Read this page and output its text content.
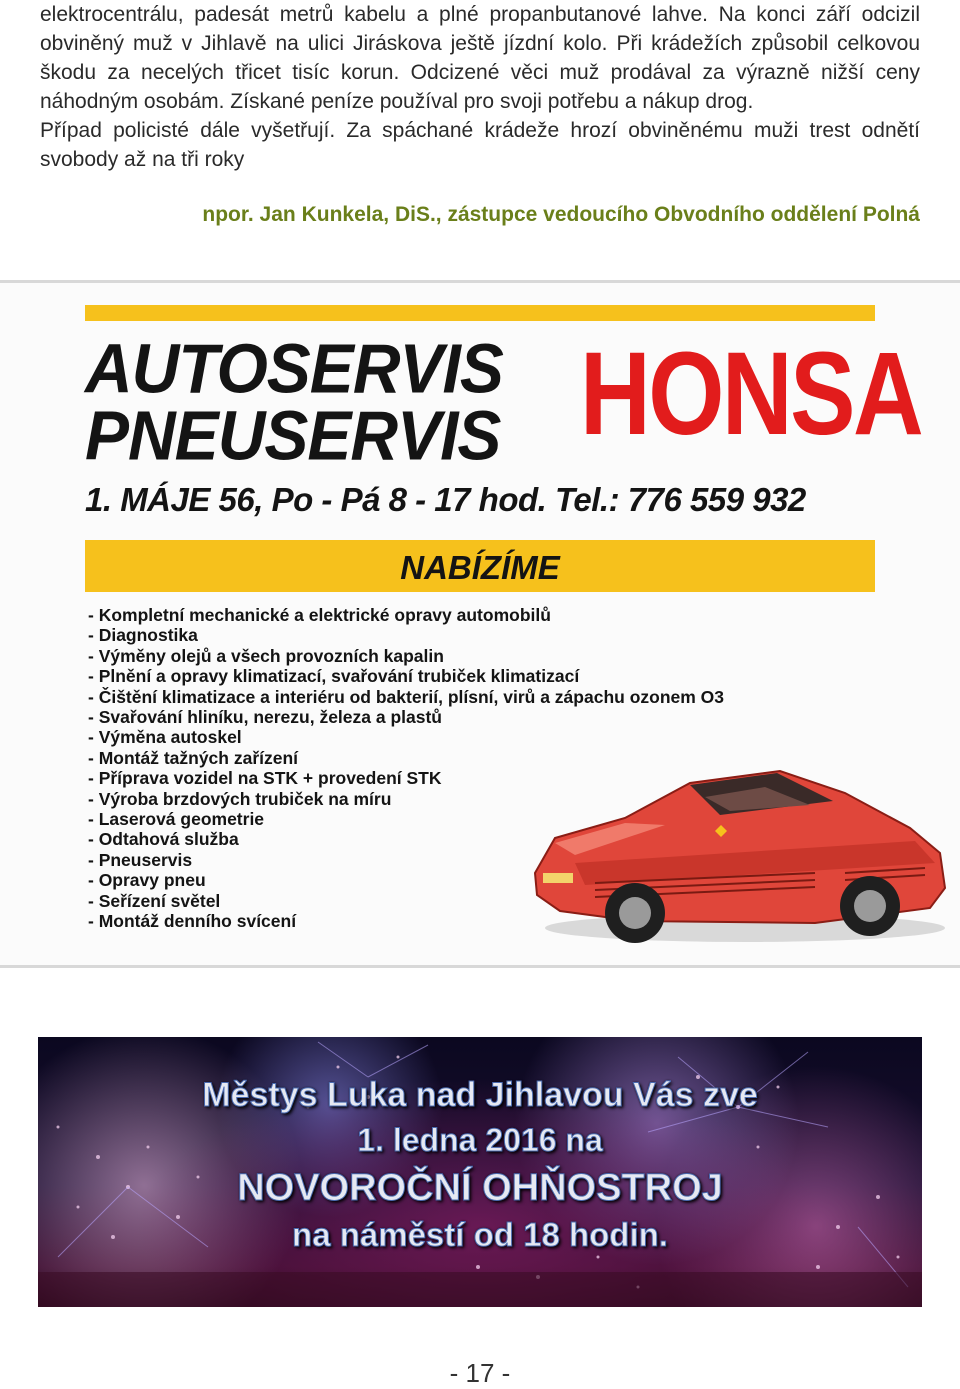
elektrocentrálu, padesát metrů kabelu a plné propanbutanové lahve. Na konci září odcizil obviněný muž v Jihlavě na ulici Jiráskova ještě jízdní kolo. Při krádežích způsobil celkovou škodu za necelých třicet tisíc korun. Odcizené věci muž prodával za výrazně nižší ceny náhodným osobám. Získané peníze používal pro svoji potřebu a nákup drog.

Případ policisté dále vyšetřují. Za spáchané krádeže hrozí obviněnému muži trest odnětí svobody až na tři roky

npor. Jan Kunkela, DiS., zástupce vedoucího Obvodního oddělení Polná
AUTOSERVIS
PNEUSERVIS HONSA
1. MÁJE 56, Po - Pá 8 - 17 hod. Tel.: 776 559 932
NABÍZÍME
- Kompletní mechanické a elektrické opravy automobilů
- Diagnostika
- Výměny olejů a všech provozních kapalin
- Plnění a opravy klimatizací, svařování trubiček klimatizací
- Čištění klimatizace a interiéru od bakterií, plísní, virů a zápachu ozonem O3
- Svařování hliníku, nerezu, železa a plastů
- Výměna autoskel
- Montáž tažných zařízení
- Příprava vozidel na STK + provedení STK
- Výroba brzdových trubiček na míru
- Laserová geometrie
- Odtahová služba
- Pneuservis
- Opravy pneu
- Seřízení světel
- Montáž denního svícení
Městys Luka nad Jihlavou Vás zve
1. ledna 2016 na
NOVOROČNÍ OHŇOSTROJ
na náměstí od 18 hodin.
- 17 -
